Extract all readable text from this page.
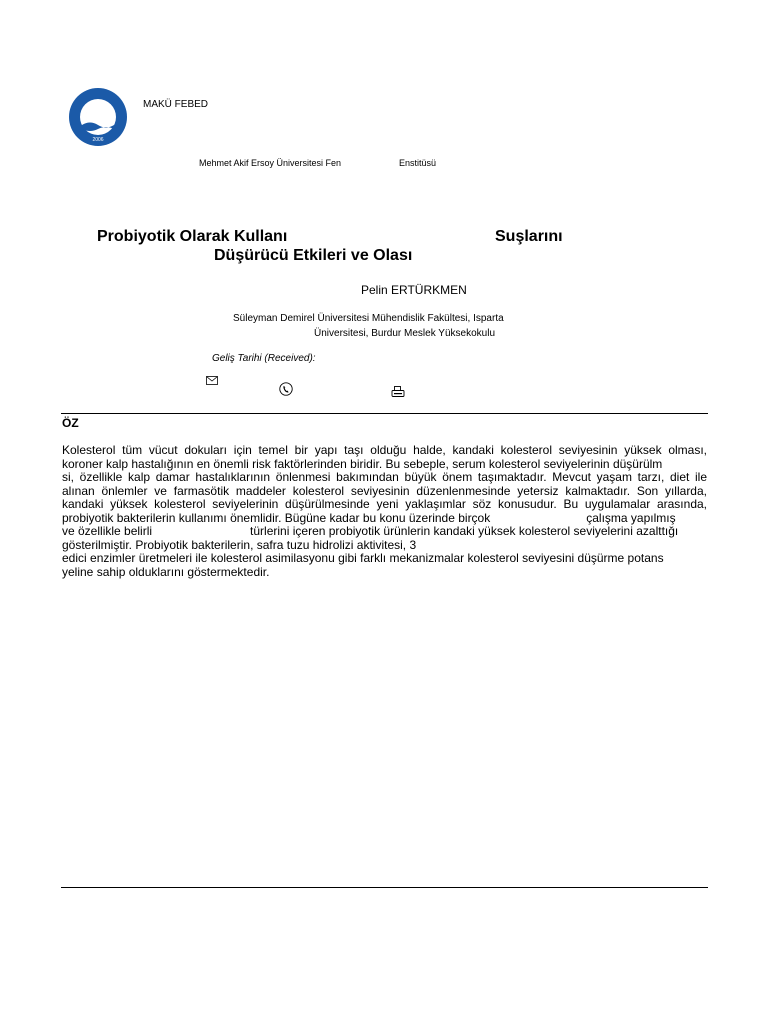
2006
MAKÜ FEBED
Mehmet Akif Ersoy Üniversitesi Fen	Enstitüsü
Probiyotik Olarak Kullanı	Suşlarını
Düşürücü Etkileri ve Olası
Pelin ERTÜRKMEN
Süleyman Demirel Üniversitesi Mühendislik Fakültesi, Isparta
Üniversitesi, Burdur Meslek Yüksekokulu
Geliş Tarihi (Received):
ÖZ
Kolesterol tüm vücut dokuları için temel bir yapı taşı olduğu halde, kandaki kolesterol seviyesinin yüksek olması,
koroner kalp hastalığının en önemli risk faktörlerinden biridir. Bu sebeple, serum kolesterol seviyelerinin düşürülm
si, özellikle kalp damar hastalıklarının önlenmesi bakımından büyük önem taşımaktadır. Mevcut yaşam tarzı, diet ile
alınan önlemler ve farmasötik maddeler kolesterol seviyesinin düzenlenmesinde yetersiz kalmaktadır. Son yıllarda,
kandaki yüksek kolesterol seviyelerinin düşürülmesinde yeni yaklaşımlar söz konusudur. Bu uygulamalar arasında,
probiyotik bakterilerin kullanımı önemlidir. Bügüne kadar bu konu üzerinde birçok	çalışma yapılmış
ve özellikle belirli	türlerini içeren probiyotik ürünlerin kandaki yüksek kolesterol seviyelerini azalttığı
gösterilmiştir. Probiyotik bakterilerin, safra tuzu hidrolizi aktivitesi, 3
edici enzimler üretmeleri ile kolesterol asimilasyonu gibi farklı mekanizmalar kolesterol seviyesini düşürme potans
yeline sahip olduklarını göstermektedir.
